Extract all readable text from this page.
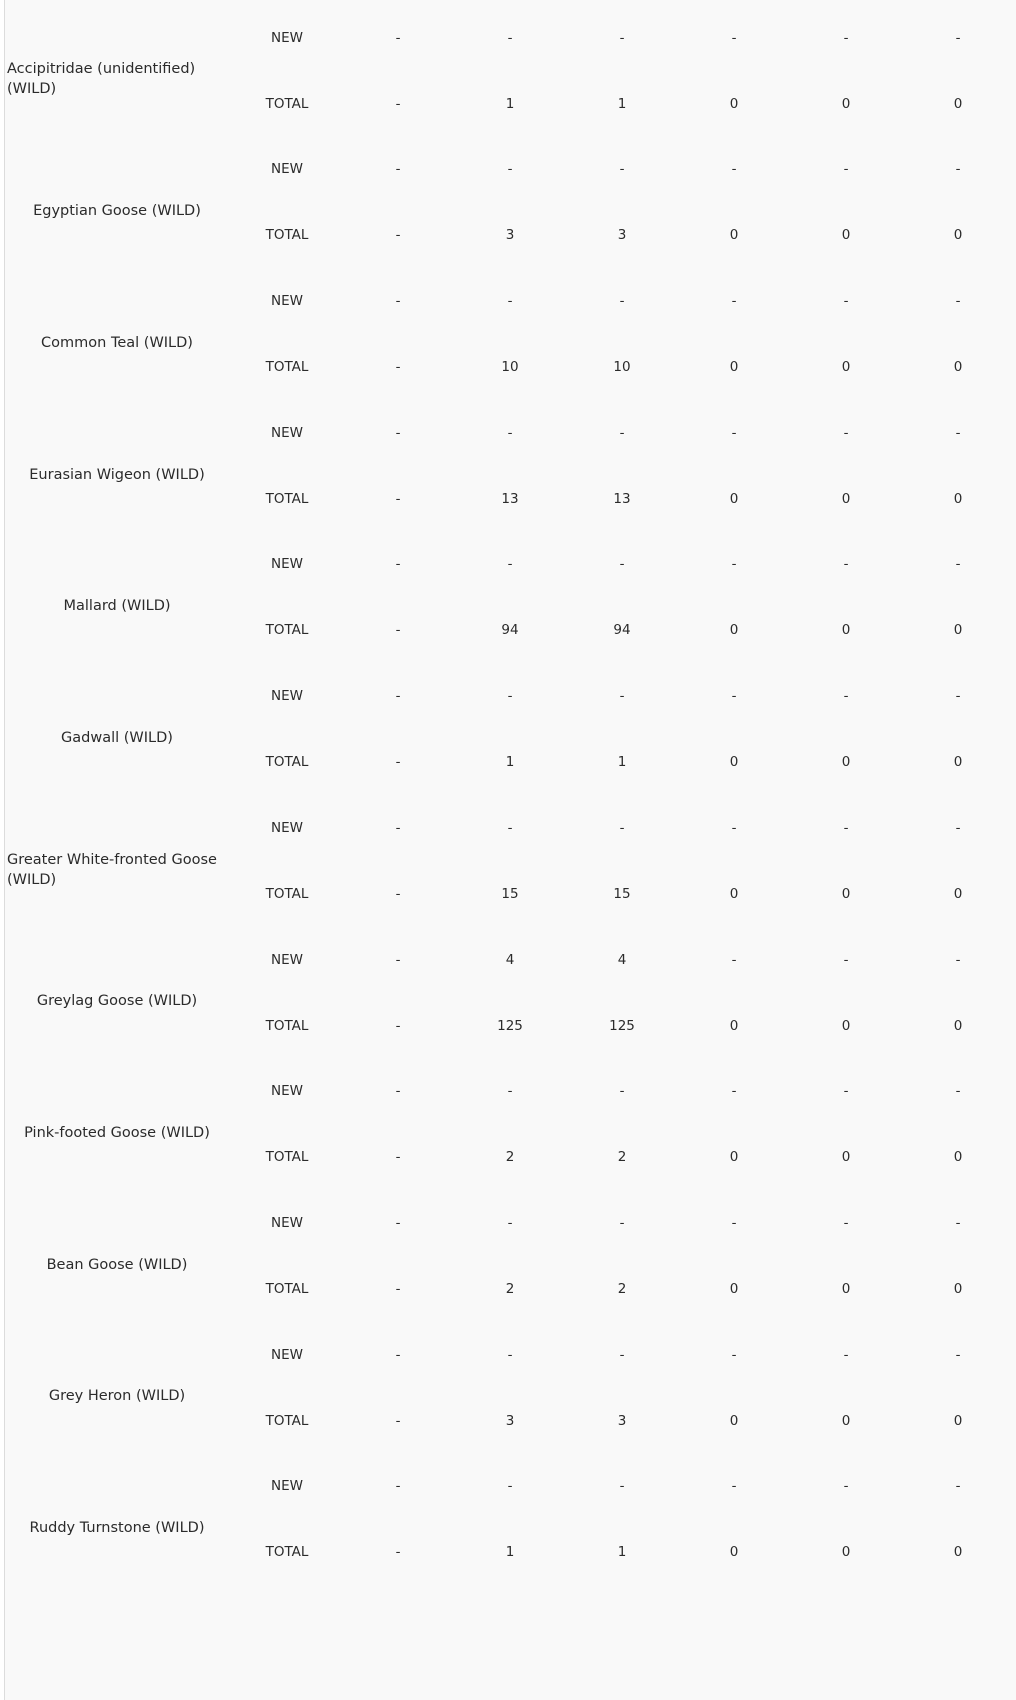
Accipitridae (unidentified) (WILD)
NEW	-	-	-	-	-	-
TOTAL	-	1	1	0	0	0
Egyptian Goose (WILD)
NEW	-	-	-	-	-	-
TOTAL	-	3	3	0	0	0
Common Teal (WILD)
NEW	-	-	-	-	-	-
TOTAL	-	10	10	0	0	0
Eurasian Wigeon (WILD)
NEW	-	-	-	-	-	-
TOTAL	-	13	13	0	0	0
Mallard (WILD)
NEW	-	-	-	-	-	-
TOTAL	-	94	94	0	0	0
Gadwall (WILD)
NEW	-	-	-	-	-	-
TOTAL	-	1	1	0	0	0
Greater White-fronted Goose (WILD)
NEW	-	-	-	-	-	-
TOTAL	-	15	15	0	0	0
Greylag Goose (WILD)
NEW	-	4	4	-	-	-
TOTAL	-	125	125	0	0	0
Pink-footed Goose (WILD)
NEW	-	-	-	-	-	-
TOTAL	-	2	2	0	0	0
Bean Goose (WILD)
NEW	-	-	-	-	-	-
TOTAL	-	2	2	0	0	0
Grey Heron (WILD)
NEW	-	-	-	-	-	-
TOTAL	-	3	3	0	0	0
Ruddy Turnstone (WILD)
NEW	-	-	-	-	-	-
TOTAL	-	1	1	0	0	0
